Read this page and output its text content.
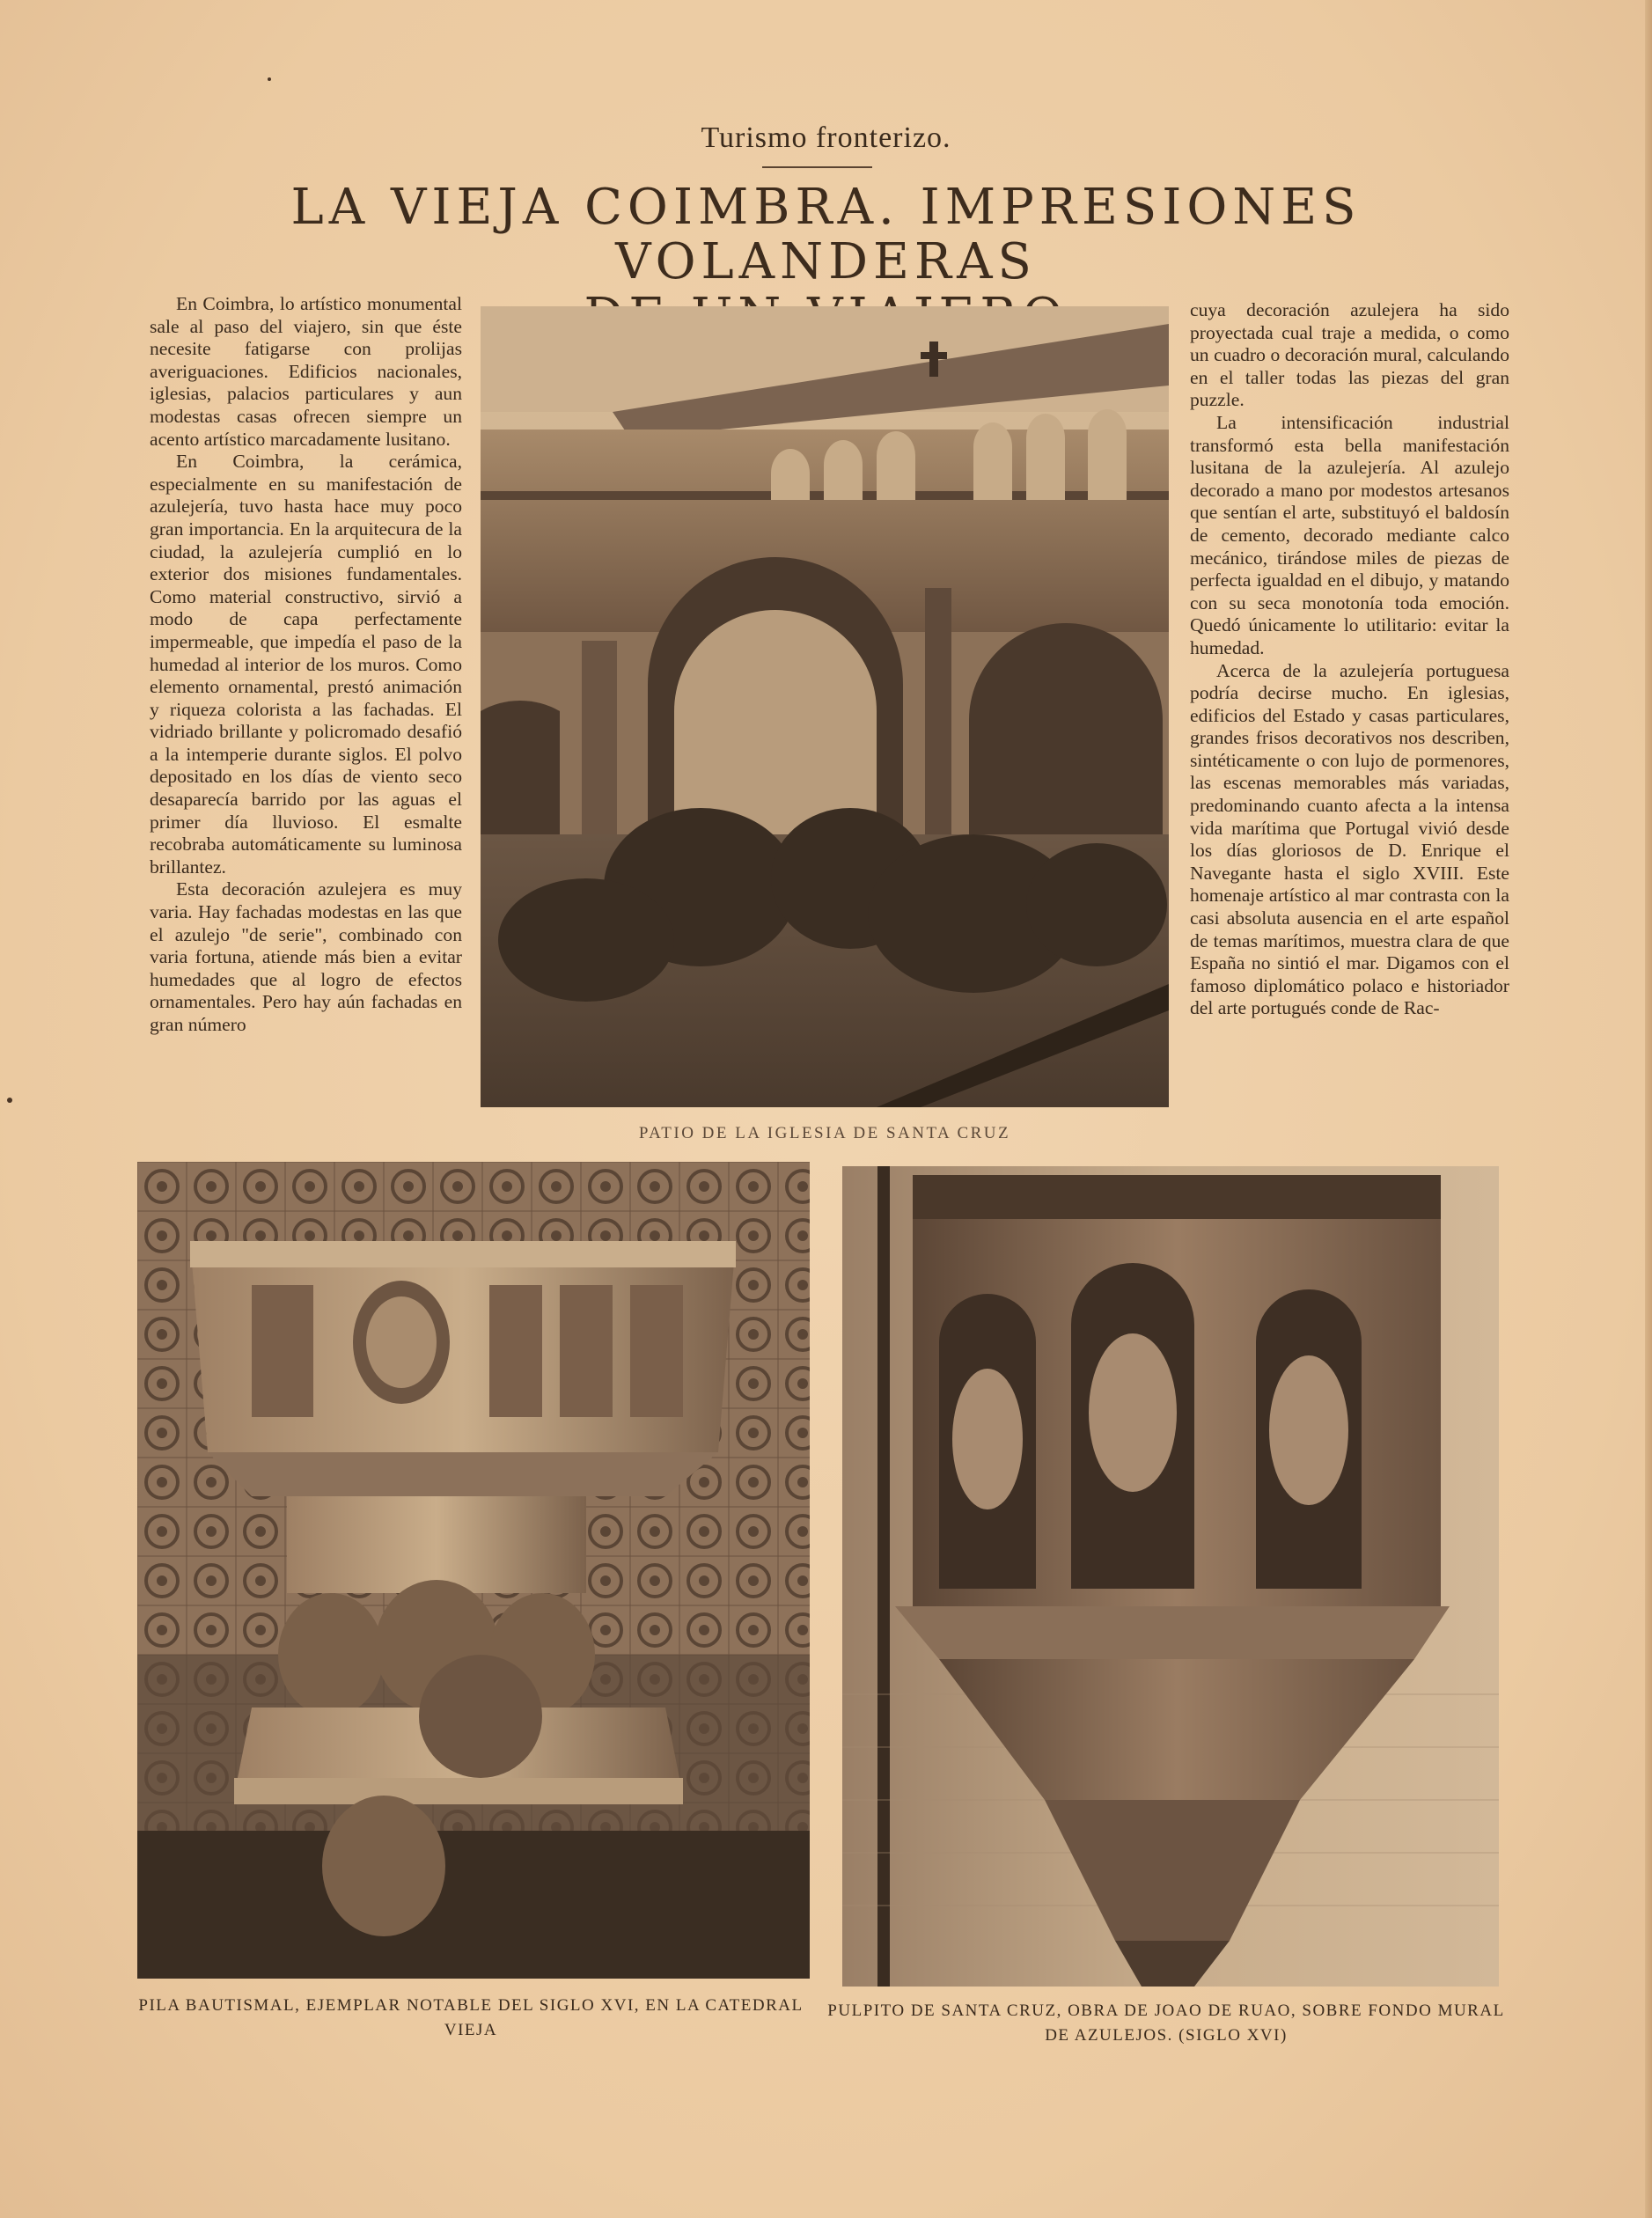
Turismo fronterizo.
LA VIEJA COIMBRA. IMPRESIONES VOLANDERAS

En Coimbra, lo artístico monumental sale al paso del viajero, sin que éste necesite fatigarse con prolijas averiguaciones. Edificios nacionales, iglesias, palacios particulares y aun modestas casas ofrecen siempre un acento artístico marcadamente lusitano.

En Coimbra, la cerámica, especialmente en su manifestación de azulejería, tuvo hasta hace muy poco gran importancia. En la arquitecura de la ciudad, la azulejería cumplió en lo exterior dos misiones fundamentales. Como material constructivo, sirvió a modo de capa perfectamente impermeable, que impedía el paso de la humedad al interior de los muros. Como elemento ornamental, prestó animación y riqueza colorista a las fachadas. El vidriado brillante y policromado desafió a la intemperie durante siglos. El polvo depositado en los días de viento seco desaparecía barrido por las aguas el primer día lluvioso. El esmalte recobraba automáticamente su luminosa brillantez.

Esta decoración azulejera es muy varia. Hay fachadas modestas en las que el azulejo "de serie", combinado con varia fortuna, atiende más bien a evitar humedades que al logro de efectos ornamentales. Pero hay aún fachadas en gran número

cuya decoración azulejera ha sido proyectada cual traje a medida, o como un cuadro o decoración mural, calculando en el taller todas las piezas del gran puzzle.

La intensificación industrial transformó esta bella manifestación lusitana de la azulejería. Al azulejo decorado a mano por modestos artesanos que sentían el arte, substituyó el baldosín de cemento, decorado mediante calco mecánico, tirándose miles de piezas de perfecta igualdad en el dibujo, y matando con su seca monotonía toda emoción. Quedó únicamente lo utilitario: evitar la humedad.

Acerca de la azulejería portuguesa podría decirse mucho. En iglesias, edificios del Estado y casas particulares, grandes frisos decorativos nos describen, sintéticamente o con lujo de pormenores, las escenas memorables más variadas, predominando cuanto afecta a la intensa vida marítima que Portugal vivió desde los días gloriosos de D. Enrique el Navegante hasta el siglo XVIII. Este homenaje artístico al mar contrasta con la casi absoluta ausencia en el arte español de temas marítimos, muestra clara de que España no sintió el mar. Digamos con el famoso diplomático polaco e historiador del arte portugués conde de Rac-

PATIO DE LA IGLESIA DE SANTA CRUZ
PILA BAUTISMAL, EJEMPLAR NOTABLE DEL SIGLO XVI, EN LA CATEDRAL VIEJA
PULPITO DE SANTA CRUZ, OBRA DE JOAO DE RUAO, SOBRE FONDO MURAL DE AZULEJOS. (SIGLO XVI)
